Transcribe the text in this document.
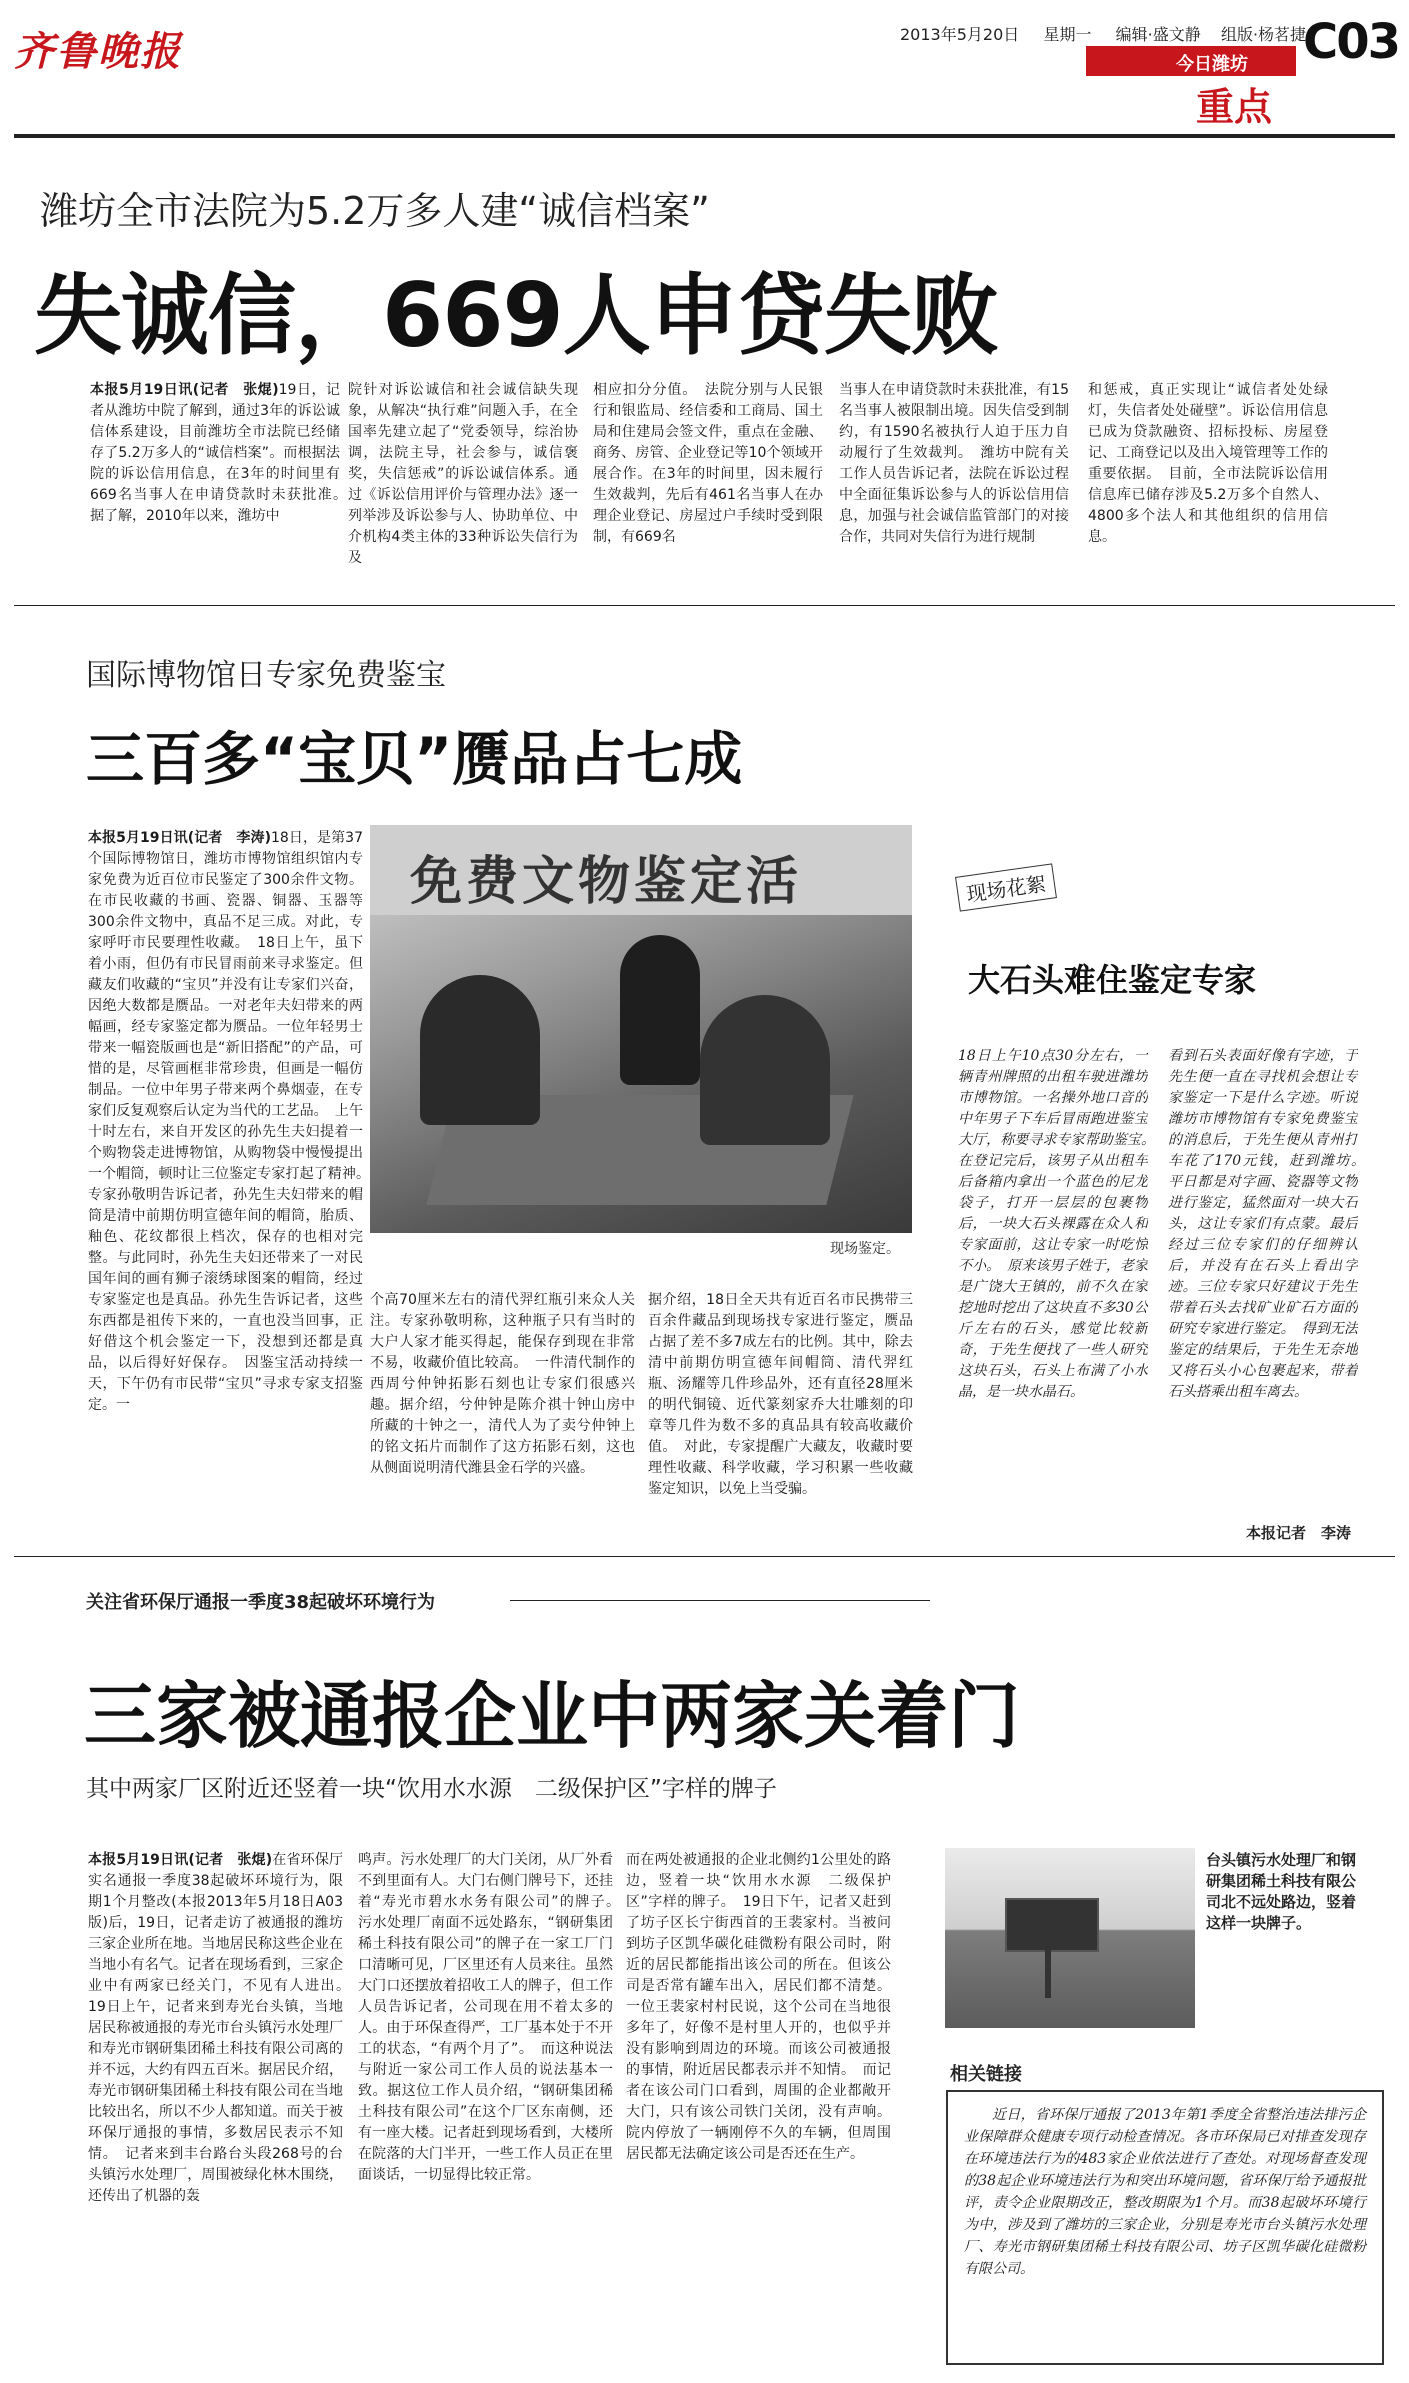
齐鲁晚报	2013年5月20日 星期一 编辑·盛文静 组版·杨茗捷
C03
今日潍坊
重点
潍坊全市法院为5.2万多人建“诚信档案”
失诚信，669人申贷失败

本报5月19日讯(记者　张焜)19日，记者从潍坊中院了解到，通过3年的诉讼诚信体系建设，目前潍坊全市法院已经储存了5.2万多人的“诚信档案”。而根据法院的诉讼信用信息，在3年的时间里有669名当事人在申请贷款时未获批准。　据了解，2010年以来，潍坊中

院针对诉讼诚信和社会诚信缺失现象，从解决“执行难”问题入手，在全国率先建立起了“党委领导，综治协调，法院主导，社会参与，诚信褒奖，失信惩戒”的诉讼诚信体系。通过《诉讼信用评价与管理办法》逐一列举涉及诉讼参与人、协助单位、中介机构4类主体的33种诉讼失信行为及

相应扣分分值。　法院分别与人民银行和银监局、经信委和工商局、国土局和住建局会签文件，重点在金融、商务、房管、企业登记等10个领域开展合作。在3年的时间里，因未履行生效裁判，先后有461名当事人在办理企业登记、房屋过户手续时受到限制，有669名

当事人在申请贷款时未获批准，有15名当事人被限制出境。因失信受到制约，有1590名被执行人迫于压力自动履行了生效裁判。　潍坊中院有关工作人员告诉记者，法院在诉讼过程中全面征集诉讼参与人的诉讼信用信息，加强与社会诚信监管部门的对接合作，共同对失信行为进行规制

和惩戒，真正实现让“诚信者处处绿灯，失信者处处碰壁”。诉讼信用信息已成为贷款融资、招标投标、房屋登记、工商登记以及出入境管理等工作的重要依据。　目前，全市法院诉讼信用信息库已储存涉及5.2万多个自然人、4800多个法人和其他组织的信用信息。

国际博物馆日专家免费鉴宝
三百多“宝贝”赝品占七成

本报5月19日讯(记者　李涛)18日，是第37个国际博物馆日，潍坊市博物馆组织馆内专家免费为近百位市民鉴定了300余件文物。在市民收藏的书画、瓷器、铜器、玉器等300余件文物中，真品不足三成。对此，专家呼吁市民要理性收藏。　18日上午，虽下着小雨，但仍有市民冒雨前来寻求鉴定。但藏友们收藏的“宝贝”并没有让专家们兴奋，因绝大数都是赝品。一对老年夫妇带来的两幅画，经专家鉴定都为赝品。一位年轻男士带来一幅瓷版画也是“新旧搭配”的产品，可惜的是，尽管画框非常珍贵，但画是一幅仿制品。一位中年男子带来两个鼻烟壶，在专家们反复观察后认定为当代的工艺品。　上午十时左右，来自开发区的孙先生夫妇提着一个购物袋走进博物馆，从购物袋中慢慢提出一个帽筒，顿时让三位鉴定专家打起了精神。　专家孙敬明告诉记者，孙先生夫妇带来的帽筒是清中前期仿明宣德年间的帽筒，胎质、釉色、花纹都很上档次，保存的也相对完整。与此同时，孙先生夫妇还带来了一对民国年间的画有狮子滚绣球图案的帽筒，经过专家鉴定也是真品。孙先生告诉记者，这些东西都是祖传下来的，一直也没当回事，正好借这个机会鉴定一下，没想到还都是真品，以后得好好保存。　因鉴宝活动持续一天，下午仍有市民带“宝贝”寻求专家支招鉴定。一

免费文物鉴定活
现场鉴定。

个高70厘米左右的清代羿红瓶引来众人关注。专家孙敬明称，这种瓶子只有当时的大户人家才能买得起，能保存到现在非常不易，收藏价值比较高。　一件清代制作的西周兮仲钟拓影石刻也让专家们很感兴趣。据介绍，兮仲钟是陈介祺十钟山房中所藏的十钟之一，清代人为了卖兮仲钟上的铭文拓片而制作了这方拓影石刻，这也从侧面说明清代潍县金石学的兴盛。

据介绍，18日全天共有近百名市民携带三百余件藏品到现场找专家进行鉴定，赝品占据了差不多7成左右的比例。其中，除去清中前期仿明宣德年间帽筒、清代羿红瓶、汤耀等几件珍品外，还有直径28厘米的明代铜镜、近代篆刻家乔大壮雕刻的印章等几件为数不多的真品具有较高收藏价值。　对此，专家提醒广大藏友，收藏时要理性收藏、科学收藏，学习积累一些收藏鉴定知识，以免上当受骗。

现场花絮
大石头难住鉴定专家

18日上午10点30分左右，一辆青州牌照的出租车驶进潍坊市博物馆。一名操外地口音的中年男子下车后冒雨跑进鉴宝大厅，称要寻求专家帮助鉴宝。　在登记完后，该男子从出租车后备箱内拿出一个蓝色的尼龙袋子，打开一层层的包裹物后，一块大石头裸露在众人和专家面前，这让专家一时吃惊不小。　原来该男子姓于，老家是广饶大王镇的，前不久在家挖地时挖出了这块直不多30公斤左右的石头，感觉比较新奇，于先生便找了一些人研究这块石头，石头上布满了小水晶，是一块水晶石。

看到石头表面好像有字迹，于先生便一直在寻找机会想让专家鉴定一下是什么字迹。听说潍坊市博物馆有专家免费鉴宝的消息后，于先生便从青州打车花了170元钱，赶到潍坊。　平日都是对字画、瓷器等文物进行鉴定，猛然面对一块大石头，这让专家们有点蒙。最后经过三位专家们的仔细辨认后，并没有在石头上看出字迹。三位专家只好建议于先生带着石头去找矿业矿石方面的研究专家进行鉴定。　得到无法鉴定的结果后，于先生无奈地又将石头小心包裹起来，带着石头搭乘出租车离去。

本报记者　李涛
关注省环保厅通报一季度38起破坏环境行为
三家被通报企业中两家关着门
其中两家厂区附近还竖着一块“饮用水水源　二级保护区”字样的牌子

本报5月19日讯(记者　张焜)在省环保厅实名通报一季度38起破坏环境行为，限期1个月整改(本报2013年5月18日A03版)后，19日，记者走访了被通报的潍坊三家企业所在地。当地居民称这些企业在当地小有名气。记者在现场看到，三家企业中有两家已经关门，不见有人进出。　19日上午，记者来到寿光台头镇，当地居民称被通报的寿光市台头镇污水处理厂和寿光市钢研集团稀土科技有限公司离的并不远，大约有四五百米。据居民介绍，寿光市钢研集团稀土科技有限公司在当地比较出名，所以不少人都知道。而关于被环保厅通报的事情，多数居民表示不知情。　记者来到丰台路台头段268号的台头镇污水处理厂，周围被绿化林木围绕，还传出了机器的轰

鸣声。污水处理厂的大门关闭，从厂外看不到里面有人。大门右侧门牌号下，还挂着“寿光市碧水水务有限公司”的牌子。　污水处理厂南面不远处路东，“钢研集团稀土科技有限公司”的牌子在一家工厂门口清晰可见，厂区里还有人员来往。虽然大门口还摆放着招收工人的牌子，但工作人员告诉记者，公司现在用不着太多的人。由于环保查得严，工厂基本处于不开工的状态，“有两个月了”。　而这种说法与附近一家公司工作人员的说法基本一致。据这位工作人员介绍，“钢研集团稀土科技有限公司”在这个厂区东南侧，还有一座大楼。记者赶到现场看到，大楼所在院落的大门半开，一些工作人员正在里面谈话，一切显得比较正常。

而在两处被通报的企业北侧约1公里处的路边，竖着一块“饮用水水源　二级保护区”字样的牌子。　19日下午，记者又赶到了坊子区长宁街西首的王裴家村。当被问到坊子区凯华碳化硅微粉有限公司时，附近的居民都能指出该公司的所在。但该公司是否常有罐车出入，居民们都不清楚。一位王裴家村村民说，这个公司在当地很多年了，好像不是村里人开的，也似乎并没有影响到周边的环境。而该公司被通报的事情，附近居民都表示并不知情。　而记者在该公司门口看到，周围的企业都敞开大门，只有该公司铁门关闭，没有声响。院内停放了一辆刚停不久的车辆，但周围居民都无法确定该公司是否还在生产。

台头镇污水处理厂和钢研集团稀土科技有限公司北不远处路边，竖着这样一块牌子。
相关链接
近日，省环保厅通报了2013年第1季度全省整治违法排污企业保障群众健康专项行动检查情况。各市环保局已对排查发现存在环境违法行为的483家企业依法进行了查处。对现场督查发现的38起企业环境违法行为和突出环境问题，省环保厅给予通报批评，责令企业限期改正，整改期限为1个月。而38起破坏环境行为中，涉及到了潍坊的三家企业，分别是寿光市台头镇污水处理厂、寿光市钢研集团稀土科技有限公司、坊子区凯华碳化硅微粉有限公司。
